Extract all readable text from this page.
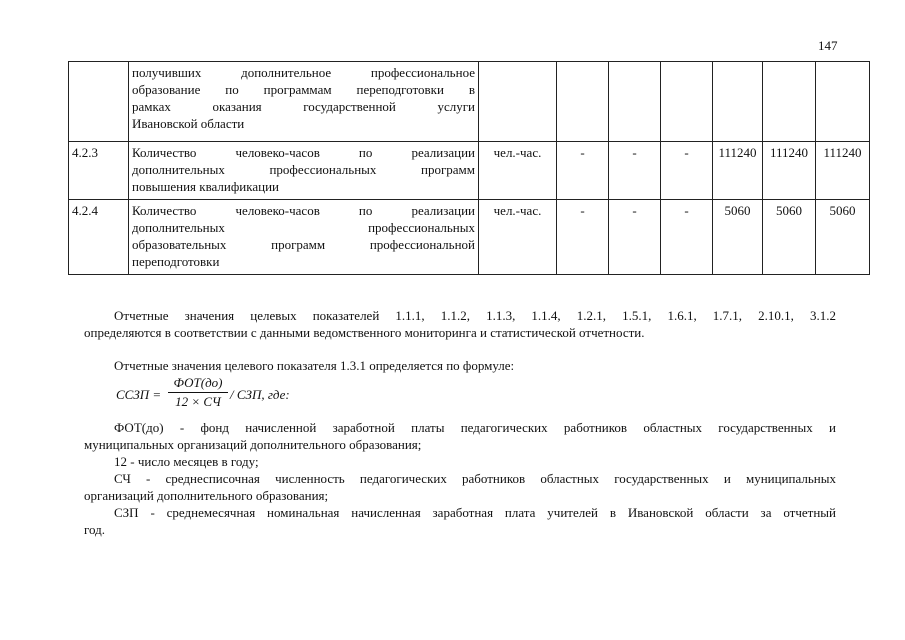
147

	получивших дополнительное профессиональное
образование по программам переподготовки в
рамках оказания государственной услуги
Ивановской области							

4.2.3	Количество человеко-часов по реализации
дополнительных профессиональных программ
повышения квалификации	чел.-час.	-	-	-	111240	111240	111240
4.2.4	Количество человеко-часов по реализации
дополнительных профессиональных
образовательных программ профессиональной
переподготовки	чел.-час.	-	-	-	5060	5060	5060
Отчетные значения целевых показателей 1.1.1, 1.1.2, 1.1.3, 1.1.4, 1.2.1, 1.5.1, 1.6.1, 1.7.1, 2.10.1, 3.1.2
определяются в соответствии с данными ведомственного мониторинга и статистической отчетности.
Отчетные значения целевого показателя 1.3.1 определяется по формуле:
ССЗП =
ФОТ(до)
12 × СЧ / СЗП, где:
ФОТ(до) - фонд начисленной заработной платы педагогических работников областных государственных и
муниципальных организаций дополнительного образования;
12 - число месяцев в году;
СЧ - среднесписочная численность педагогических работников областных государственных и муниципальных
организаций дополнительного образования;
СЗП - среднемесячная номинальная начисленная заработная плата учителей в Ивановской области за отчетный
год.
